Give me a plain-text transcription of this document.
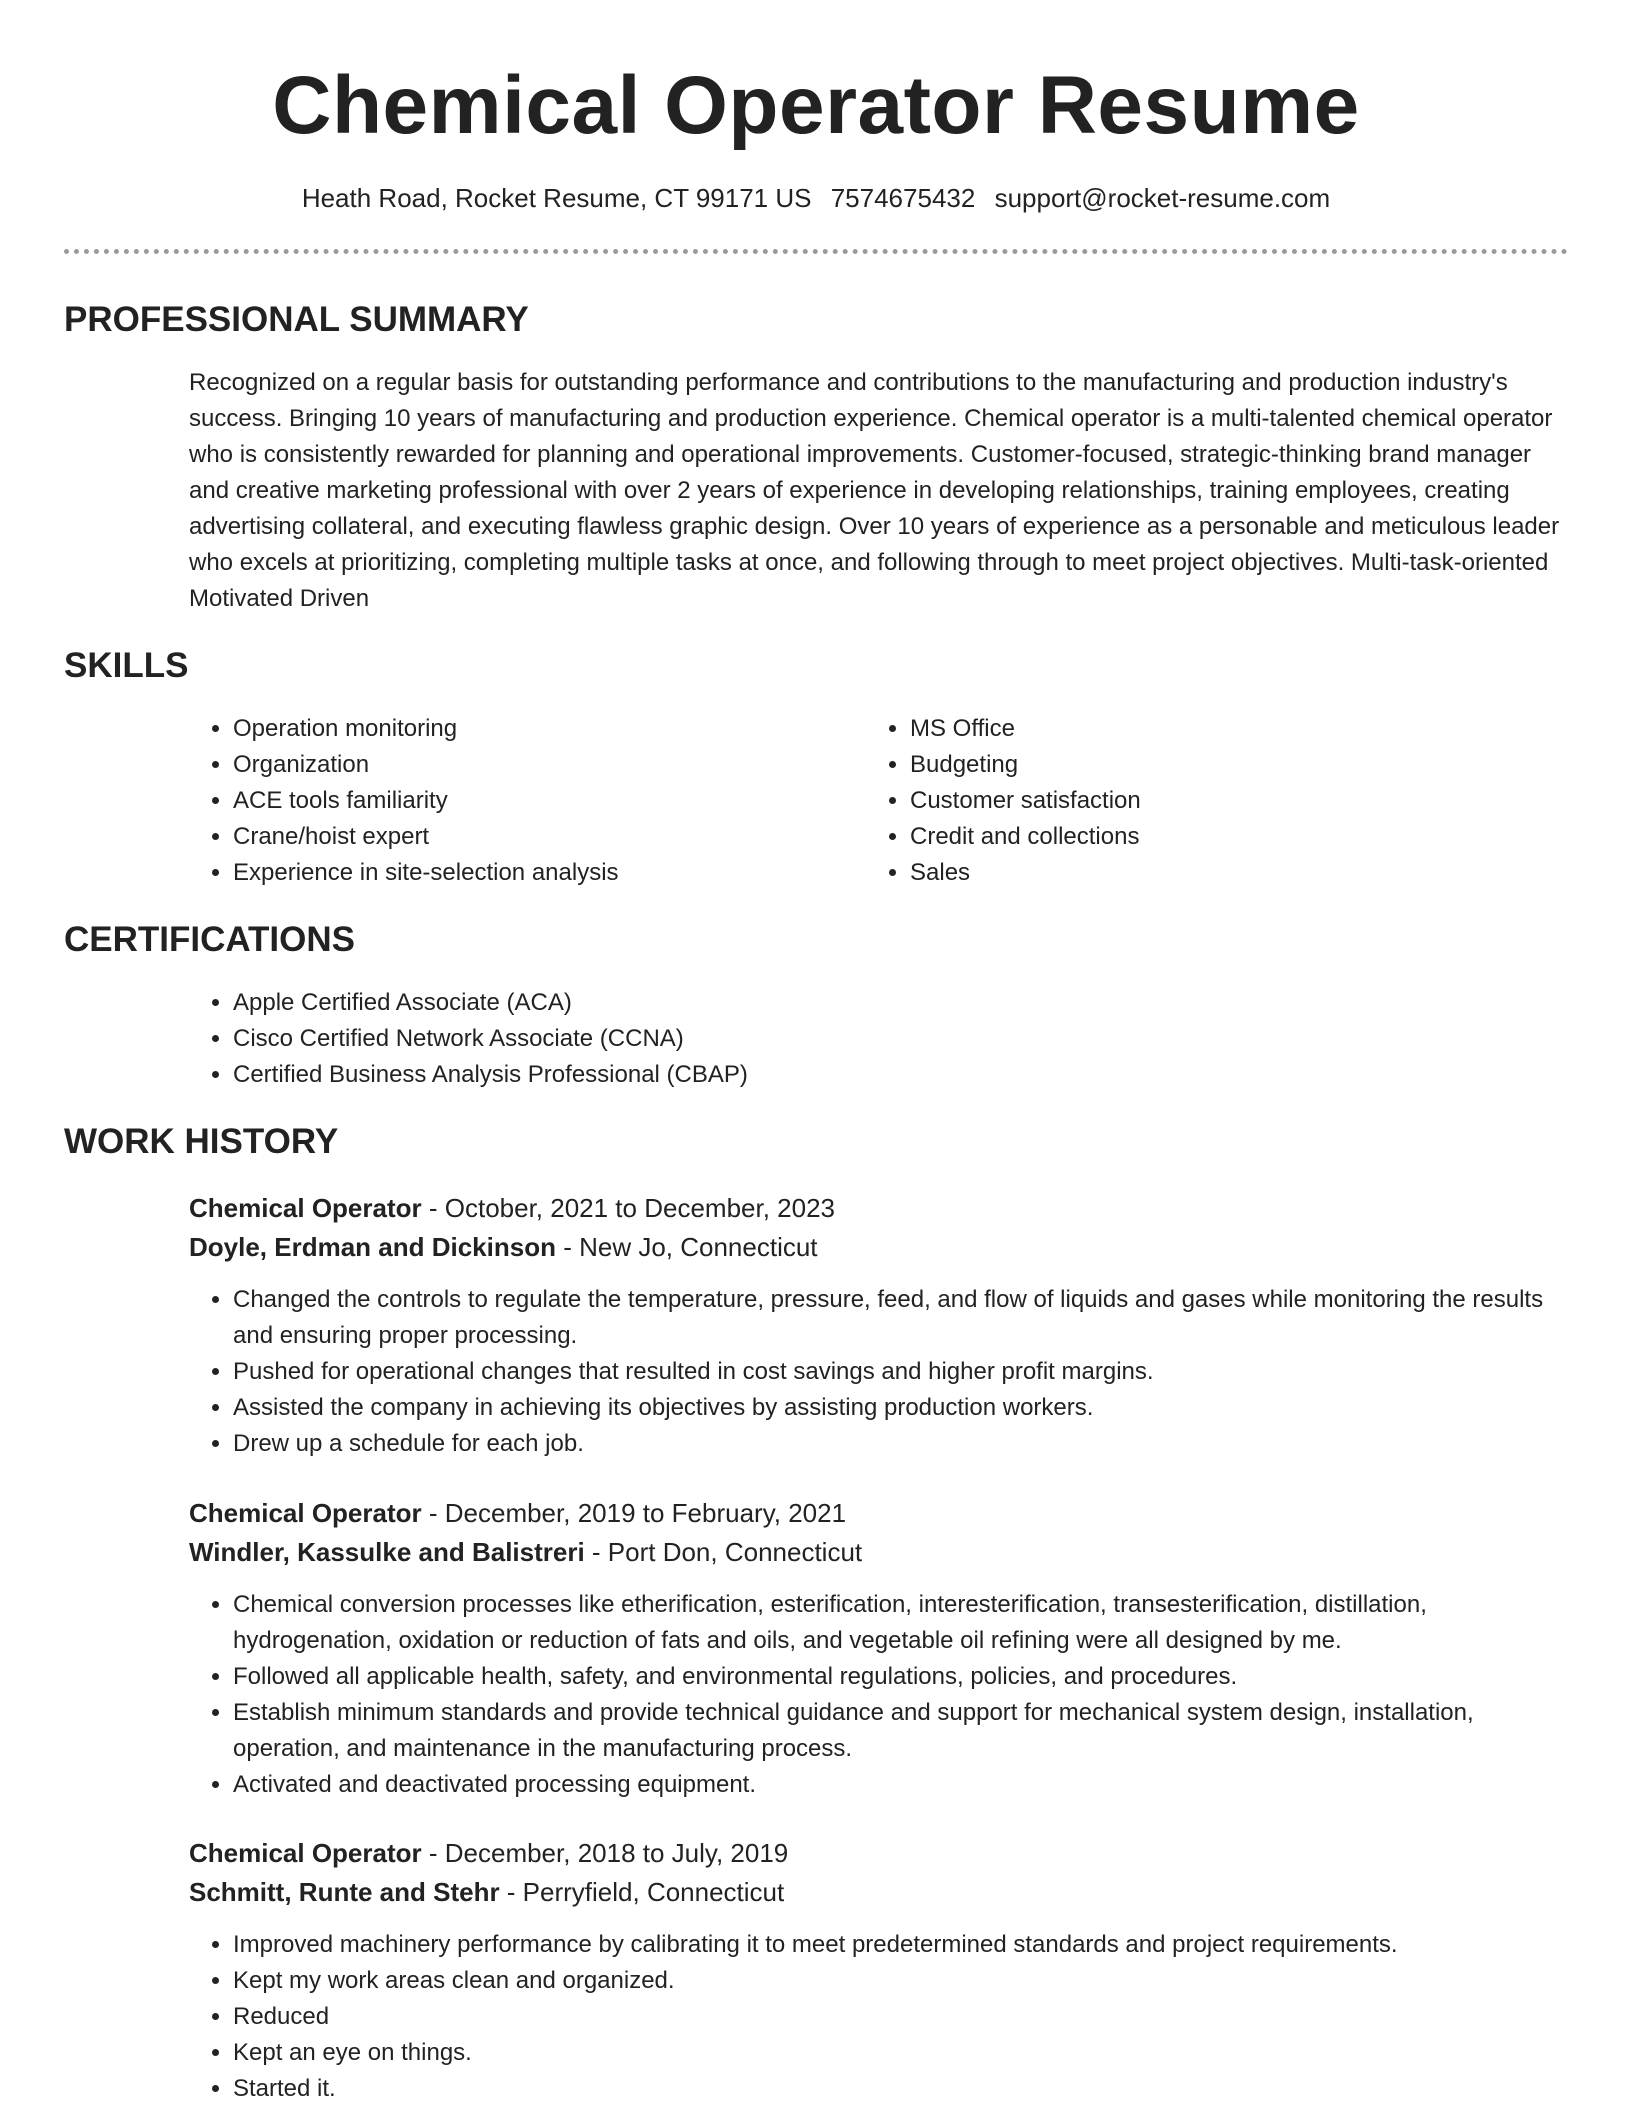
Chemical Operator Resume
Heath Road, Rocket Resume, CT 99171 US 7574675432 support@rocket-resume.com
PROFESSIONAL SUMMARY

Recognized on a regular basis for outstanding performance and contributions to the manufacturing and production industry's success. Bringing 10 years of manufacturing and production experience. Chemical operator is a multi-talented chemical operator who is consistently rewarded for planning and operational improvements. Customer-focused, strategic-thinking brand manager and creative marketing professional with over 2 years of experience in developing relationships, training employees, creating advertising collateral, and executing flawless graphic design. Over 10 years of experience as a personable and meticulous leader who excels at prioritizing, completing multiple tasks at once, and following through to meet project objectives. Multi-task-oriented Motivated Driven

SKILLS
• Operation monitoring
• Organization
• ACE tools familiarity
• Crane/hoist expert
• Experience in site-selection analysis
• MS Office
• Budgeting
• Customer satisfaction
• Credit and collections
• Sales
CERTIFICATIONS
• Apple Certified Associate (ACA)
• Cisco Certified Network Associate (CCNA)
• Certified Business Analysis Professional (CBAP)
WORK HISTORY
Chemical Operator - October, 2021 to December, 2023
Doyle, Erdman and Dickinson - New Jo, Connecticut
• Changed the controls to regulate the temperature, pressure, feed, and flow of liquids and gases while monitoring the results and ensuring proper processing.
• Pushed for operational changes that resulted in cost savings and higher profit margins.
• Assisted the company in achieving its objectives by assisting production workers.
• Drew up a schedule for each job.
Chemical Operator - December, 2019 to February, 2021
Windler, Kassulke and Balistreri - Port Don, Connecticut
• Chemical conversion processes like etherification, esterification, interesterification, transesterification, distillation, hydrogenation, oxidation or reduction of fats and oils, and vegetable oil refining were all designed by me.
• Followed all applicable health, safety, and environmental regulations, policies, and procedures.
• Establish minimum standards and provide technical guidance and support for mechanical system design, installation, operation, and maintenance in the manufacturing process.
• Activated and deactivated processing equipment.
Chemical Operator - December, 2018 to July, 2019
Schmitt, Runte and Stehr - Perryfield, Connecticut
• Improved machinery performance by calibrating it to meet predetermined standards and project requirements.
• Kept my work areas clean and organized.
• Reduced
• Kept an eye on things.
• Started it.
